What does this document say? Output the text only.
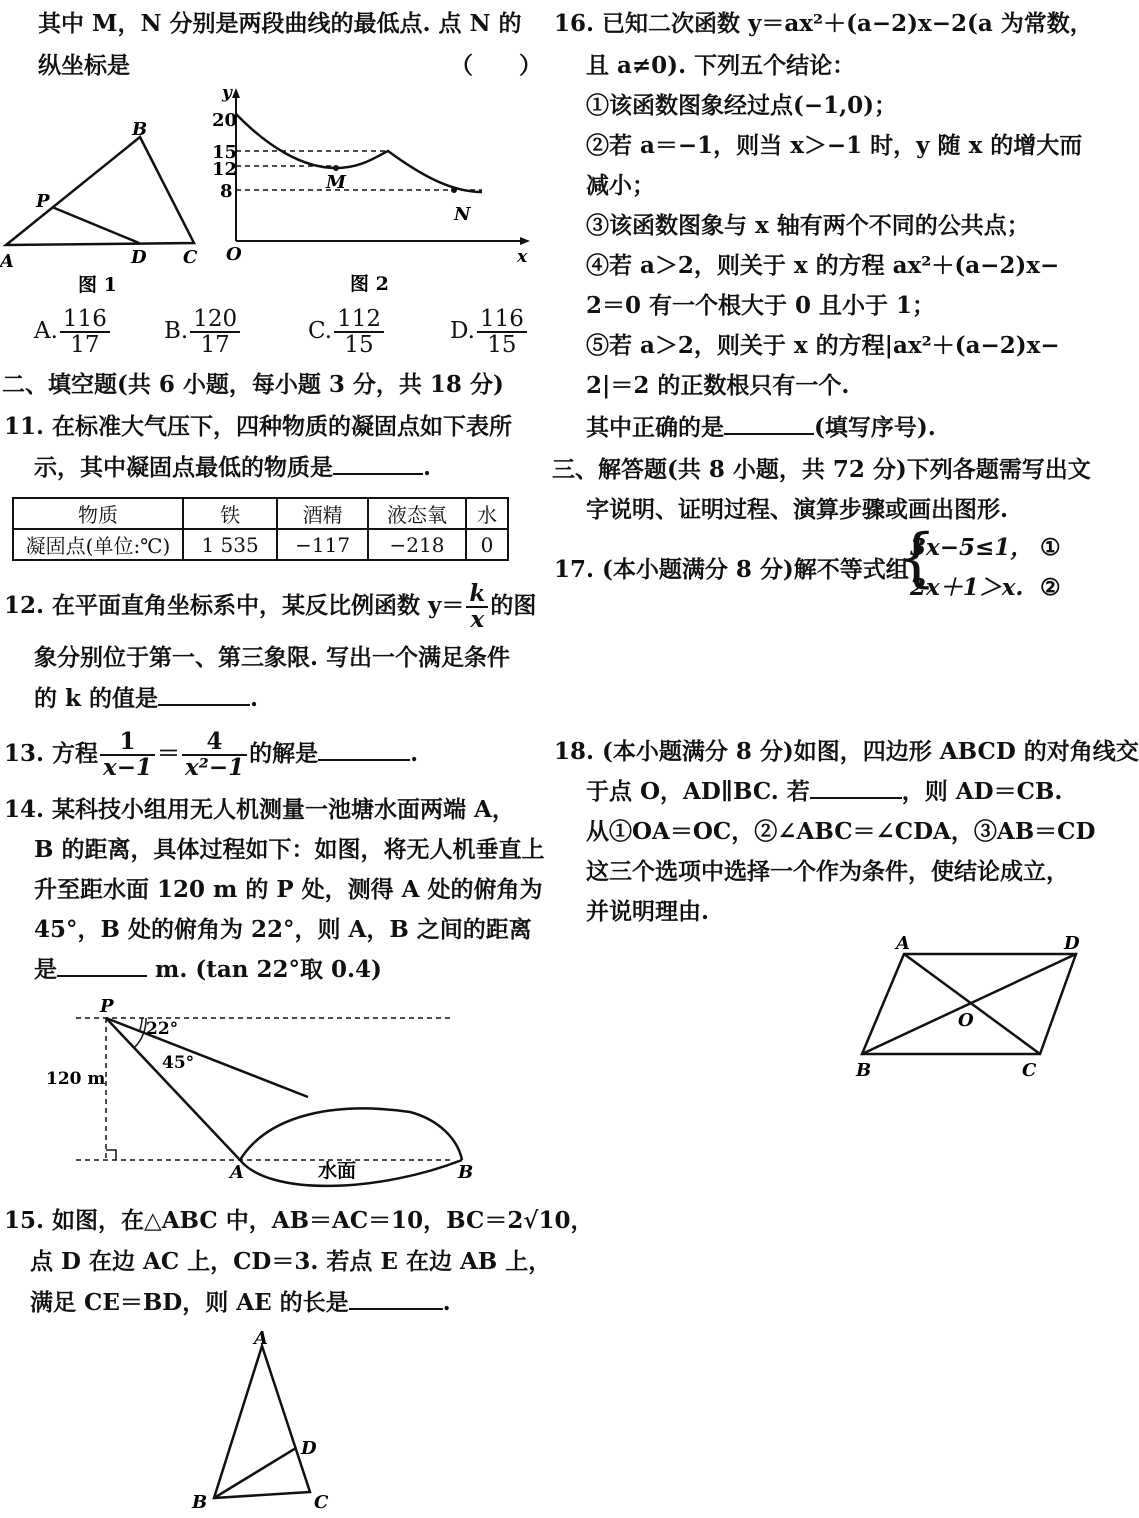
其中 M，N 分别是两段曲线的最低点. 点 N 的
纵坐标是	（　　）
A
B
C
D
P
图 1
y
x
O
20
15
12
8	M
N
图 2
A. $\frac{116}{17} B$. $\frac{120}{17}$	C. $\frac{112}{15}$	D. $\frac{116}{15}$
二、填空题(共 6 小题，每小题 3 分，共 18 分)
11. 在标准大气压下，四种物质的凝固点如下表所
示，其中凝固点最低的物质是	.
物质	铁	酒精	液态氧	水
凝固点(单位:℃)	1 535	−117	−218	0
12. 在平面直角坐标系中，某反比例函数 $y= \frac{k}{x}$ 的图
象分别位于第一、第三象限. 写出一个满足条件
的 k 的值是	.
13. 方程 $\frac{1}{x-1} = \frac{4}{\text{x²−1}}$ 的解是	.
14. 某科技小组用无人机测量一池塘水面两端 A，
B 的距离，具体过程如下：如图，将无人机垂直上
升至距水面 120 m 的 P 处，测得 A 处的俯角为
45°，B 处的俯角为 22°，则 A，B 之间的距离
是	m. (tan 22°取 0.4)
P
A	B
120 m
22°
45°
水面
15. 如图，在△ABC 中，AB＝AC＝10，BC＝2√10，
点 D 在边 AC 上，CD＝3. 若点 E 在边 AB 上，
满足 CE＝BD，则 AE 的长是	.
A
B	C
D
16. 已知二次函数 y＝ax²＋(a−2)x−2(a 为常数，
且 a≠0). 下列五个结论：
①该函数图象经过点(−1,0)；
②若 a＝−1，则当 x＞−1 时，y 随 x 的增大而
减小；
③该函数图象与 x 轴有两个不同的公共点；
④若 a＞2，则关于 x 的方程 ax²＋(a−2)x−
2＝0 有一个根大于 0 且小于 1；
⑤若 a＞2，则关于 x 的方程|ax²＋(a−2)x−
2|＝2 的正数根只有一个.
其中正确的是	(填写序号).
三、解答题(共 8 小题，共 72 分)下列各题需写出文
字说明、证明过程、演算步骤或画出图形.
17. (本小题满分 8 分)解不等式组
{
3x−5≤1， ①
2x＋1＞x. ②
18. (本小题满分 8 分)如图，四边形 ABCD 的对角线交
于点 O，AD∥BC. 若	，则 AD＝CB.
从①OA＝OC，②∠ABC＝∠CDA，③AB＝CD
这三个选项中选择一个作为条件，使结论成立，
并说明理由.
A
B	C
D
O
